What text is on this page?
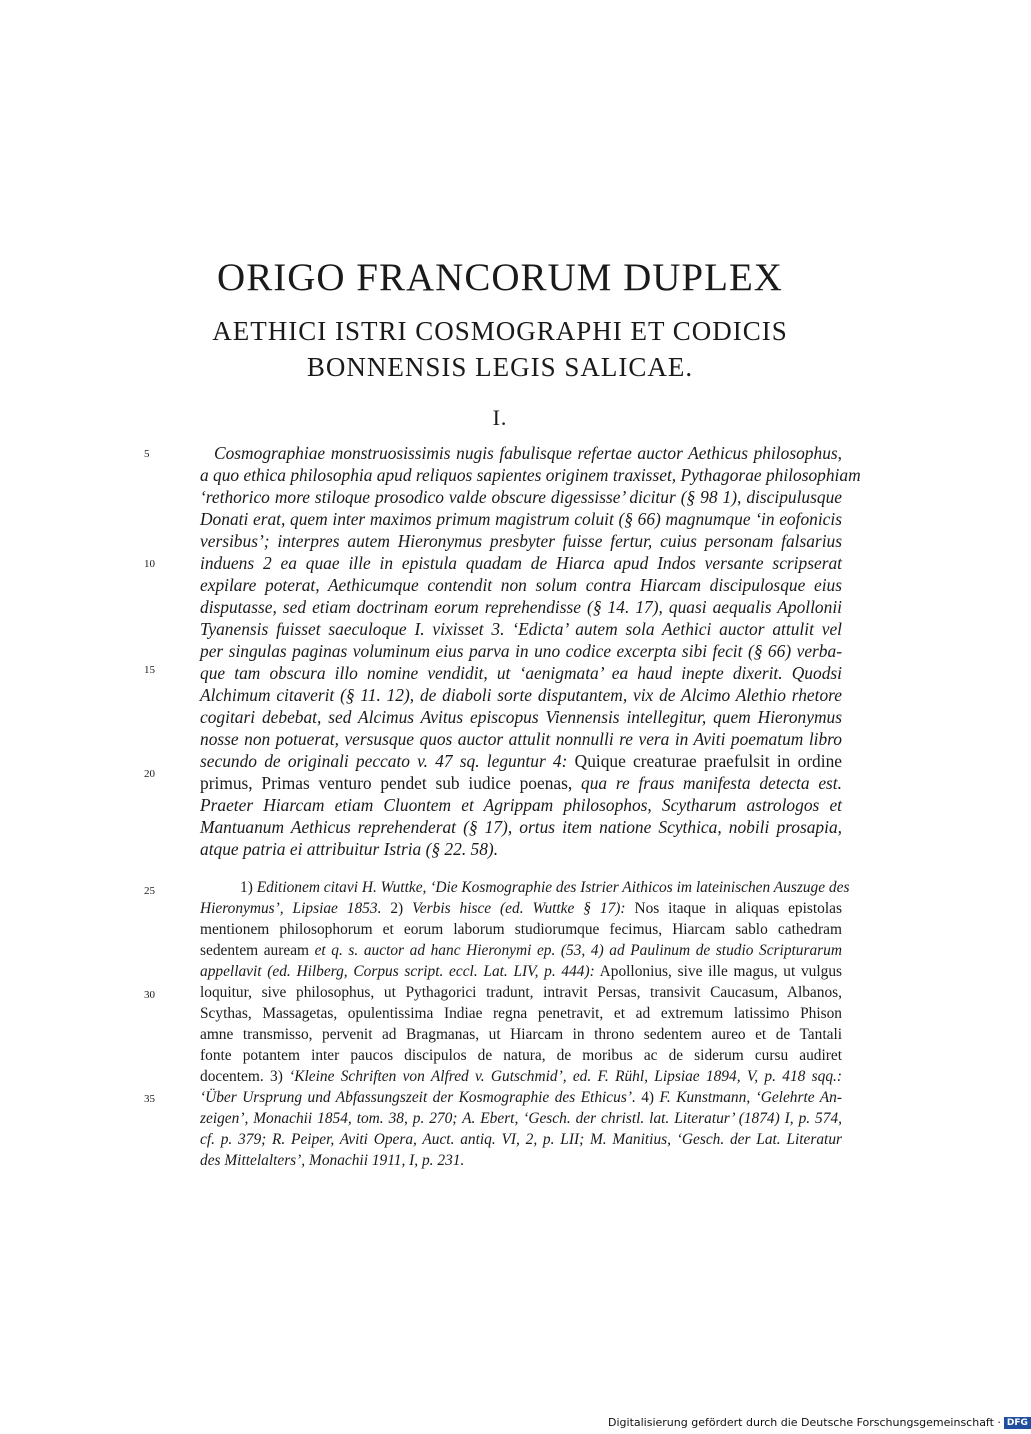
ORIGO FRANCORUM DUPLEX
AETHICI ISTRI COSMOGRAPHI ET CODICIS
BONNENSIS LEGIS SALICAE.
I.
5
10
15
20
25
30
35
Cosmographiae monstruosissimis nugis fabulisque refertae auctor Aethicus philosophus,
a quo ethica philosophia apud reliquos sapientes originem traxisset, Pythagorae philosophiam
‘rethorico more stiloque prosodico valde obscure digessisse’ dicitur (§ 98 1), discipulusque
Donati erat, quem inter maximos primum magistrum coluit (§ 66) magnumque ‘in eofonicis
versibus’; interpres autem Hieronymus presbyter fuisse fertur, cuius personam falsarius
induens 2 ea quae ille in epistula quadam de Hiarca apud Indos versante scripserat
expilare poterat, Aethicumque contendit non solum contra Hiarcam discipulosque eius
disputasse, sed etiam doctrinam eorum reprehendisse (§ 14. 17), quasi aequalis Apollonii
Tyanensis fuisset saeculoque I. vixisset 3. ‘Edicta’ autem sola Aethici auctor attulit vel
per singulas paginas voluminum eius parva in uno codice excerpta sibi fecit (§ 66) verba-
que tam obscura illo nomine vendidit, ut ‘aenigmata’ ea haud inepte dixerit. Quodsi
Alchimum citaverit (§ 11. 12), de diaboli sorte disputantem, vix de Alcimo Alethio rhetore
cogitari debebat, sed Alcimus Avitus episcopus Viennensis intellegitur, quem Hieronymus
nosse non potuerat, versusque quos auctor attulit nonnulli re vera in Aviti poematum libro
secundo de originali peccato v. 47 sq. leguntur 4: Quique creaturae praefulsit in ordine
primus, Primas venturo pendet sub iudice poenas, qua re fraus manifesta detecta est.
Praeter Hiarcam etiam Cluontem et Agrippam philosophos, Scytharum astrologos et
Mantuanum Aethicus reprehenderat (§ 17), ortus item natione Scythica, nobili prosapia,
atque patria ei attribuitur Istria (§ 22. 58).
1) Editionem citavi H. Wuttke, ‘Die Kosmographie des Istrier Aithicos im lateinischen Auszuge des
Hieronymus’, Lipsiae 1853. 2) Verbis hisce (ed. Wuttke § 17): Nos itaque in aliquas epistolas
mentionem philosophorum et eorum laborum studiorumque fecimus, Hiarcam sablo cathedram
sedentem auream et q. s. auctor ad hanc Hieronymi ep. (53, 4) ad Paulinum de studio Scripturarum
appellavit (ed. Hilberg, Corpus script. eccl. Lat. LIV, p. 444): Apollonius, sive ille magus, ut vulgus
loquitur, sive philosophus, ut Pythagorici tradunt, intravit Persas, transivit Caucasum, Albanos,
Scythas, Massagetas, opulentissima Indiae regna penetravit, et ad extremum latissimo Phison
amne transmisso, pervenit ad Bragmanas, ut Hiarcam in throno sedentem aureo et de Tantali
fonte potantem inter paucos discipulos de natura, de moribus ac de siderum cursu audiret
docentem. 3) ‘Kleine Schriften von Alfred v. Gutschmid’, ed. F. Rühl, Lipsiae 1894, V, p. 418 sqq.:
‘Über Ursprung und Abfassungszeit der Kosmographie des Ethicus’. 4) F. Kunstmann, ‘Gelehrte An-
zeigen’, Monachii 1854, tom. 38, p. 270; A. Ebert, ‘Gesch. der christl. lat. Literatur’ (1874) I, p. 574,
cf. p. 379; R. Peiper, Aviti Opera, Auct. antiq. VI, 2, p. LII; M. Manitius, ‘Gesch. der Lat. Literatur
des Mittelalters’, Monachii 1911, I, p. 231.
Digitalisierung gefördert durch die Deutsche Forschungsgemeinschaft · DFG
